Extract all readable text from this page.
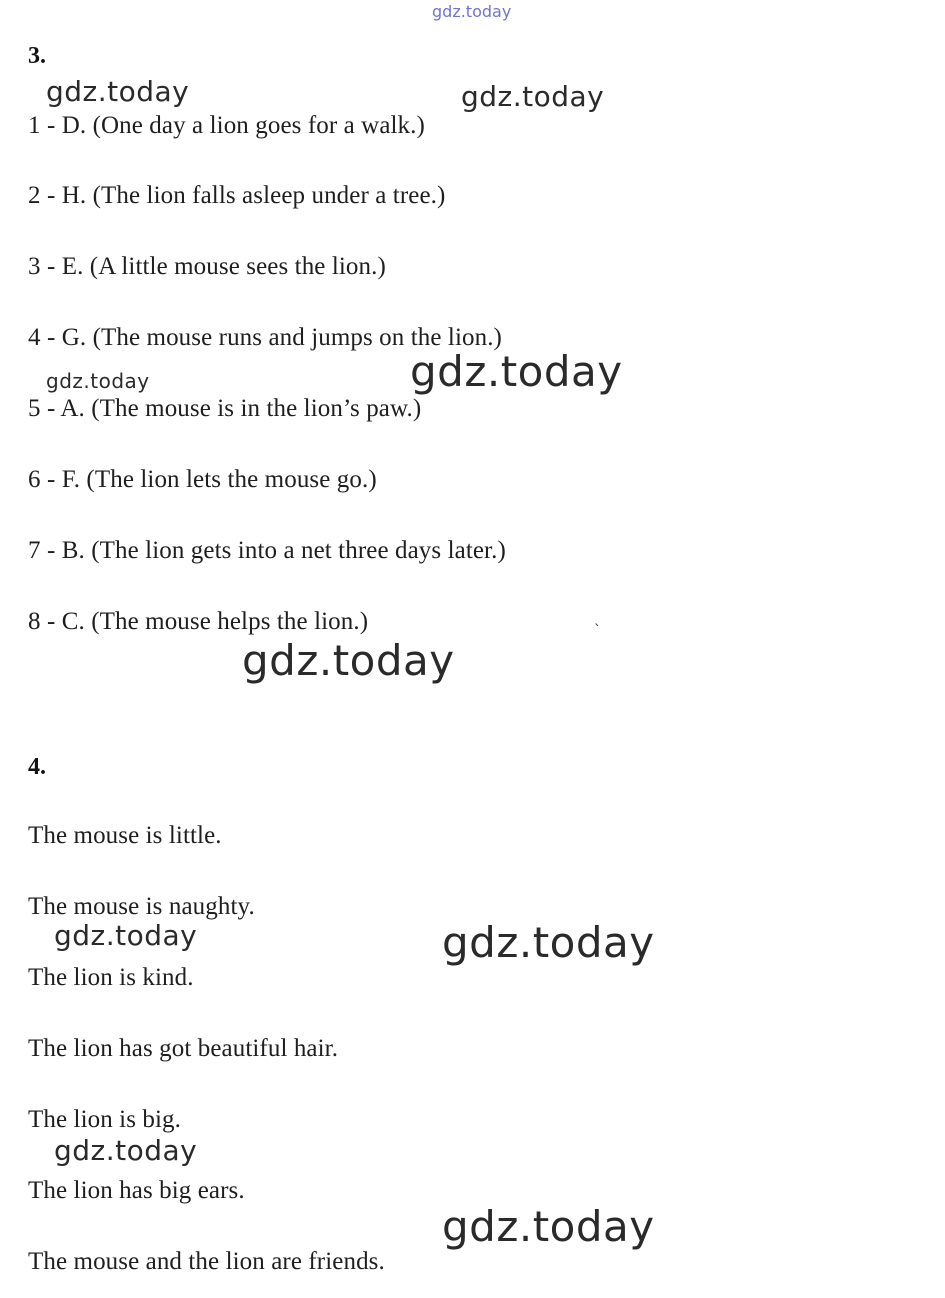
gdz.today
3.
1 - D. (One day a lion goes for a walk.)
2 - H. (The lion falls asleep under a tree.)
3 - E. (A little mouse sees the lion.)
4 - G. (The mouse runs and jumps on the lion.)
5 - A. (The mouse is in the lion’s paw.)
6 - F. (The lion lets the mouse go.)
7 - B. (The lion gets into a net three days later.)
8 - C. (The mouse helps the lion.)
4.
The mouse is little.
The mouse is naughty.
The lion is kind.
The lion has got beautiful hair.
The lion is big.
The lion has big ears.
The mouse and the lion are friends.
gdz.today	gdz.today
gdz.today	gdz.today
gdz.today
gdz.today	gdz.today
gdz.today
gdz.today
`
